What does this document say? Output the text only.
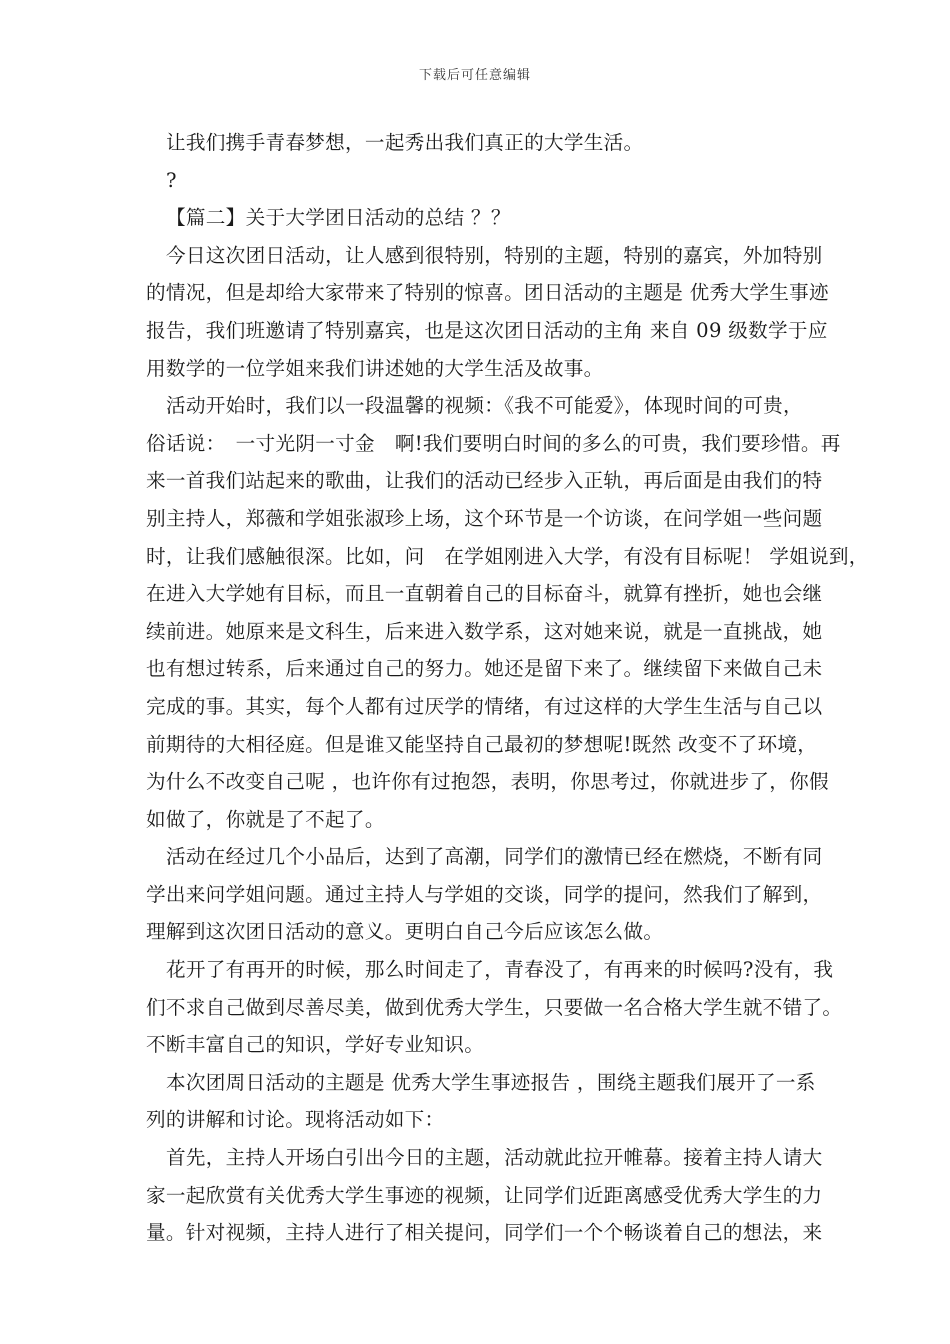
下载后可任意编辑
让我们携手青春梦想，一起秀出我们真正的大学生活。
?
【篇二】关于大学团日活动的总结 ？？
今日这次团日活动，让人感到很特别，特别的主题，特别的嘉宾，外加特别
的情况，但是却给大家带来了特别的惊喜。团日活动的主题是 优秀大学生事迹
报告，我们班邀请了特别嘉宾，也是这次团日活动的主角 来自 09 级数学于应
用数学的一位学姐来我们讲述她的大学生活及故事。
活动开始时，我们以一段温馨的视频：《我不可能爱》，体现时间的可贵，
俗话说：　一寸光阴一寸金　啊!我们要明白时间的多么的可贵，我们要珍惜。再
来一首我们站起来的歌曲，让我们的活动已经步入正轨，再后面是由我们的特
别主持人，郑薇和学姐张淑珍上场，这个环节是一个访谈，在问学姐一些问题
时，让我们感触很深。比如，问　在学姐刚进入大学，有没有目标呢！ 学姐说到，
在进入大学她有目标，而且一直朝着自己的目标奋斗，就算有挫折，她也会继
续前进。她原来是文科生，后来进入数学系，这对她来说，就是一直挑战，她
也有想过转系，后来通过自己的努力。她还是留下来了。继续留下来做自己未
完成的事。其实，每个人都有过厌学的情绪，有过这样的大学生生活与自己以
前期待的大相径庭。但是谁又能坚持自己最初的梦想呢!既然 改变不了环境，
为什么不改变自己呢 ，也许你有过抱怨，表明，你思考过，你就进步了，你假
如做了，你就是了不起了。
活动在经过几个小品后，达到了高潮，同学们的激情已经在燃烧，不断有同
学出来问学姐问题。通过主持人与学姐的交谈，同学的提问，然我们了解到，
理解到这次团日活动的意义。更明白自己今后应该怎么做。
花开了有再开的时候，那么时间走了，青春没了，有再来的时候吗?没有，我
们不求自己做到尽善尽美，做到优秀大学生，只要做一名合格大学生就不错了。
不断丰富自己的知识，学好专业知识。
本次团周日活动的主题是 优秀大学生事迹报告 ，围绕主题我们展开了一系
列的讲解和讨论。现将活动如下：
首先，主持人开场白引出今日的主题，活动就此拉开帷幕。接着主持人请大
家一起欣赏有关优秀大学生事迹的视频，让同学们近距离感受优秀大学生的力
量。针对视频，主持人进行了相关提问，同学们一个个畅谈着自己的想法，来
